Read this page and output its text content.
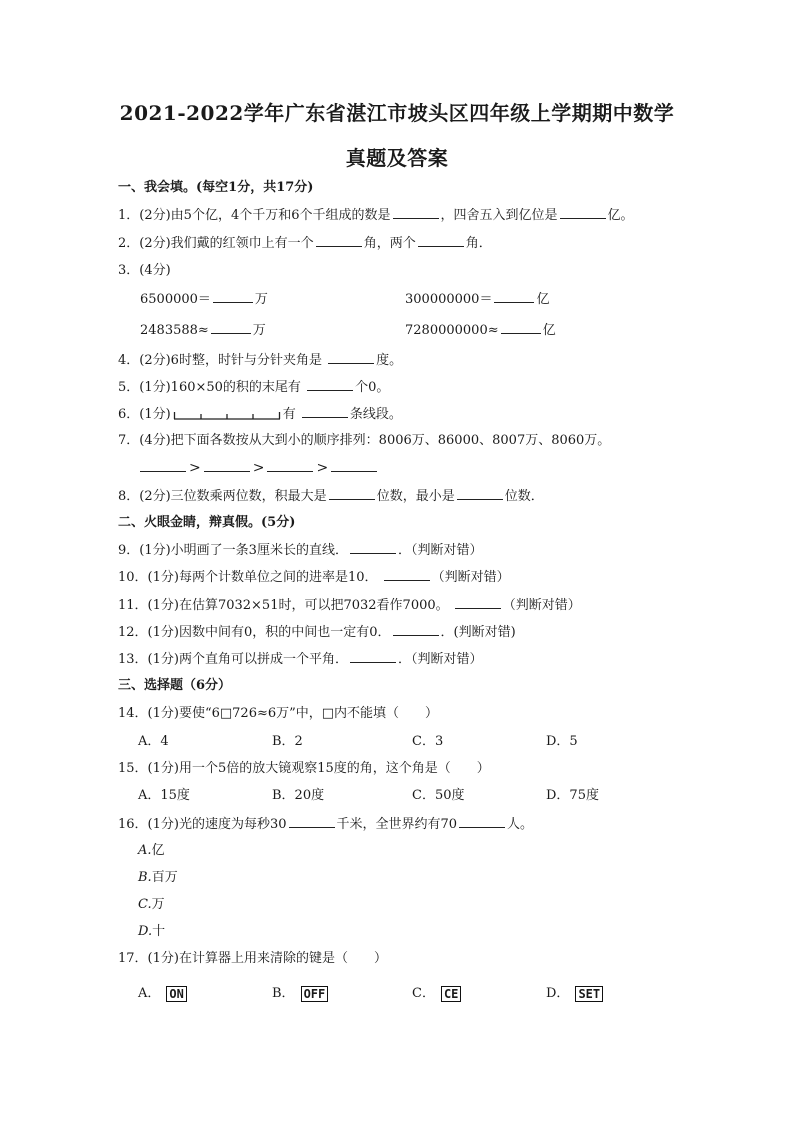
2021-2022学年广东省湛江市坡头区四年级上学期期中数学
真题及答案
一、我会填。(每空1分，共17分)
1．(2分)由5个亿，4个千万和6个千组成的数是	，四舍五入到亿位是	亿。
2．(2分)我们戴的红领巾上有一个	角，两个	角．
3．(4分)
6500000＝	万	300000000＝	亿
2483588≈	万	7280000000≈	亿
4．(2分)6时整，时针与分针夹角是	度。
5．(1分)160×50的积的末尾有	个0。
6．(1分)	有	条线段。
7．(4分)把下面各数按从大到小的顺序排列：8006万、86000、8007万、8060万。
>	>	>
8．(2分)三位数乘两位数，积最大是	位数，最小是	位数．
二、火眼金睛，辩真假。(5分)
9．(1分)小明画了一条3厘米长的直线．	．（判断对错）
10．(1分)每两个计数单位之间的进率是10．	（判断对错）
11．(1分)在估算7032×51时，可以把7032看作7000。	（判断对错）
12．(1分)因数中间有0，积的中间也一定有0．	．(判断对错)
13．(1分)两个直角可以拼成一个平角．	．（判断对错）
三、选择题（6分）
14．(1分)要使“6□726≈6万”中，□内不能填（　　）
A．4	B．2	C．3	D．5
15．(1分)用一个5倍的放大镜观察15度的角，这个角是（　　）
A．15度	B．20度	C．50度	D．75度
16．(1分)光的速度为每秒30	千米，全世界约有70	人。
A.亿
B.百万
C.万
D.十
17．(1分)在计算器上用来清除的键是（　　）
A． ON	B． OFF	C． CE	D． SET
